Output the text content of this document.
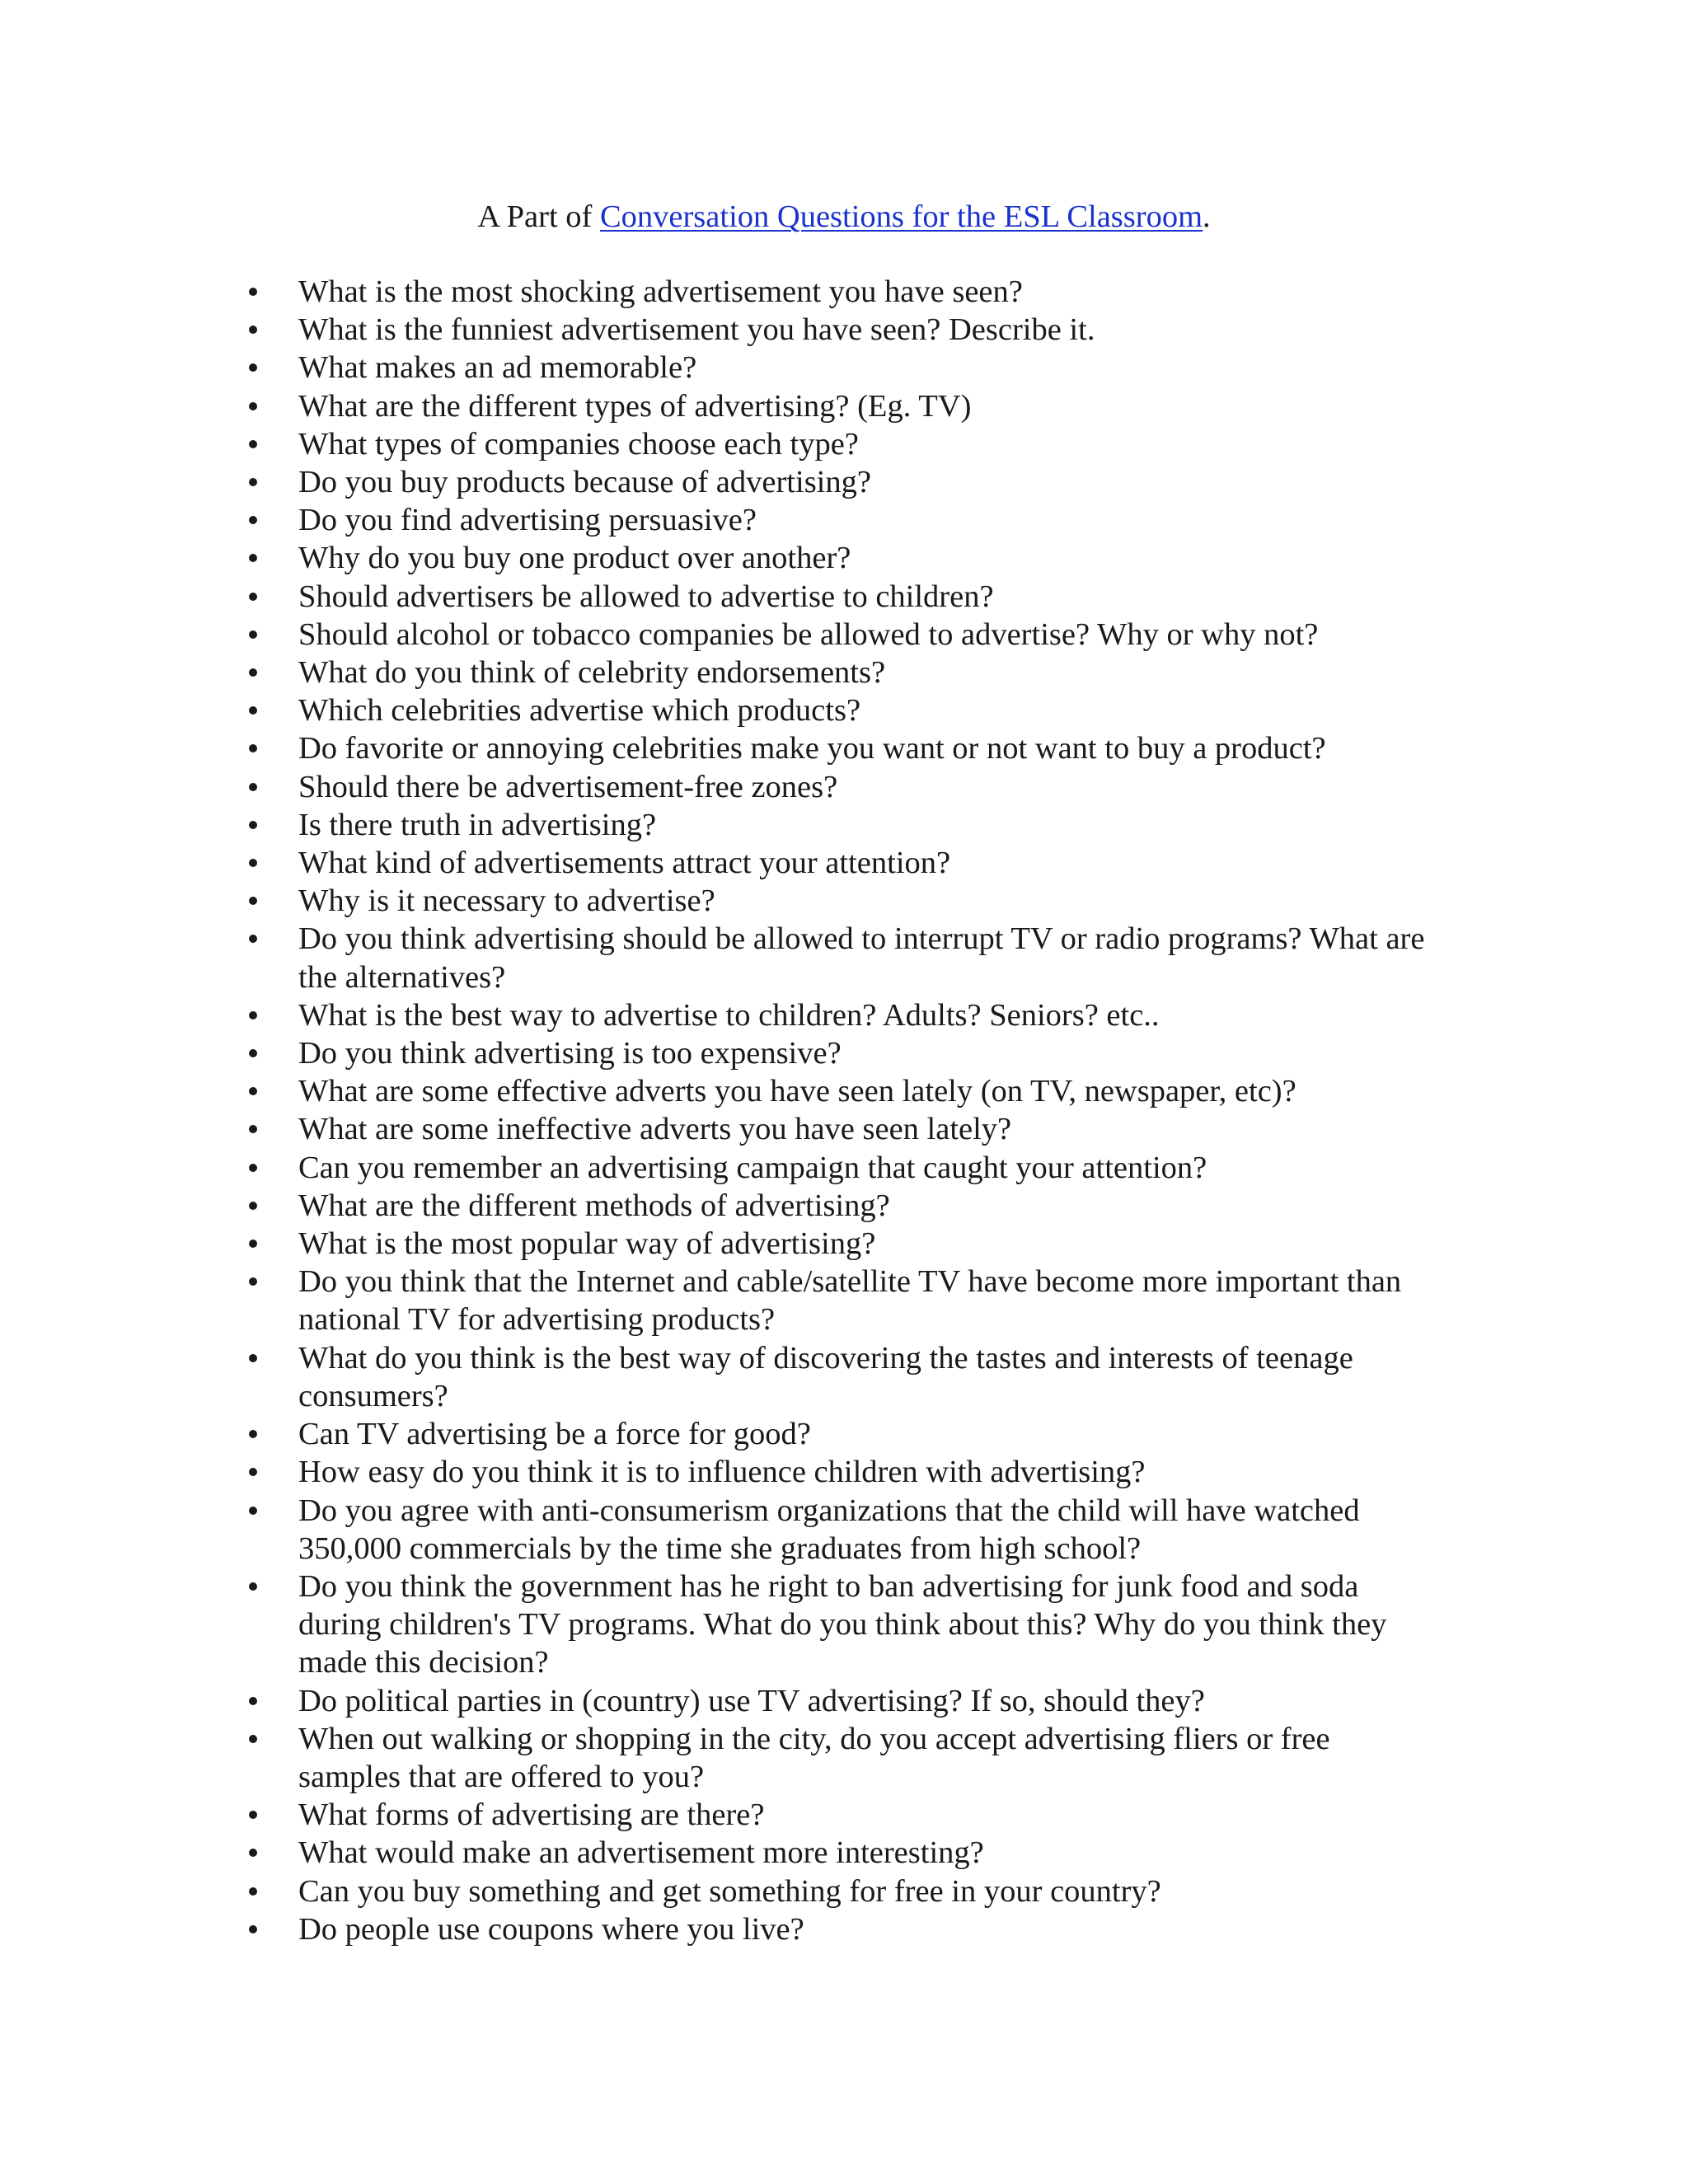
A Part of Conversation Questions for the ESL Classroom.
What is the most shocking advertisement you have seen?
What is the funniest advertisement you have seen? Describe it.
What makes an ad memorable?
What are the different types of advertising? (Eg. TV)
What types of companies choose each type?
Do you buy products because of advertising?
Do you find advertising persuasive?
Why do you buy one product over another?
Should advertisers be allowed to advertise to children?
Should alcohol or tobacco companies be allowed to advertise? Why or why not?
What do you think of celebrity endorsements?
Which celebrities advertise which products?
Do favorite or annoying celebrities make you want or not want to buy a product?
Should there be advertisement-free zones?
Is there truth in advertising?
What kind of advertisements attract your attention?
Why is it necessary to advertise?
Do you think advertising should be allowed to interrupt TV or radio programs? What are
the alternatives?
What is the best way to advertise to children? Adults? Seniors? etc..
Do you think advertising is too expensive?
What are some effective adverts you have seen lately (on TV, newspaper, etc)?
What are some ineffective adverts you have seen lately?
Can you remember an advertising campaign that caught your attention?
What are the different methods of advertising?
What is the most popular way of advertising?
Do you think that the Internet and cable/satellite TV have become more important than
national TV for advertising products?
What do you think is the best way of discovering the tastes and interests of teenage
consumers?
Can TV advertising be a force for good?
How easy do you think it is to influence children with advertising?
Do you agree with anti-consumerism organizations that the child will have watched
350,000 commercials by the time she graduates from high school?
Do you think the government has he right to ban advertising for junk food and soda
during children's TV programs. What do you think about this? Why do you think they
made this decision?
Do political parties in (country) use TV advertising? If so, should they?
When out walking or shopping in the city, do you accept advertising fliers or free
samples that are offered to you?
What forms of advertising are there?
What would make an advertisement more interesting?
Can you buy something and get something for free in your country?
Do people use coupons where you live?
